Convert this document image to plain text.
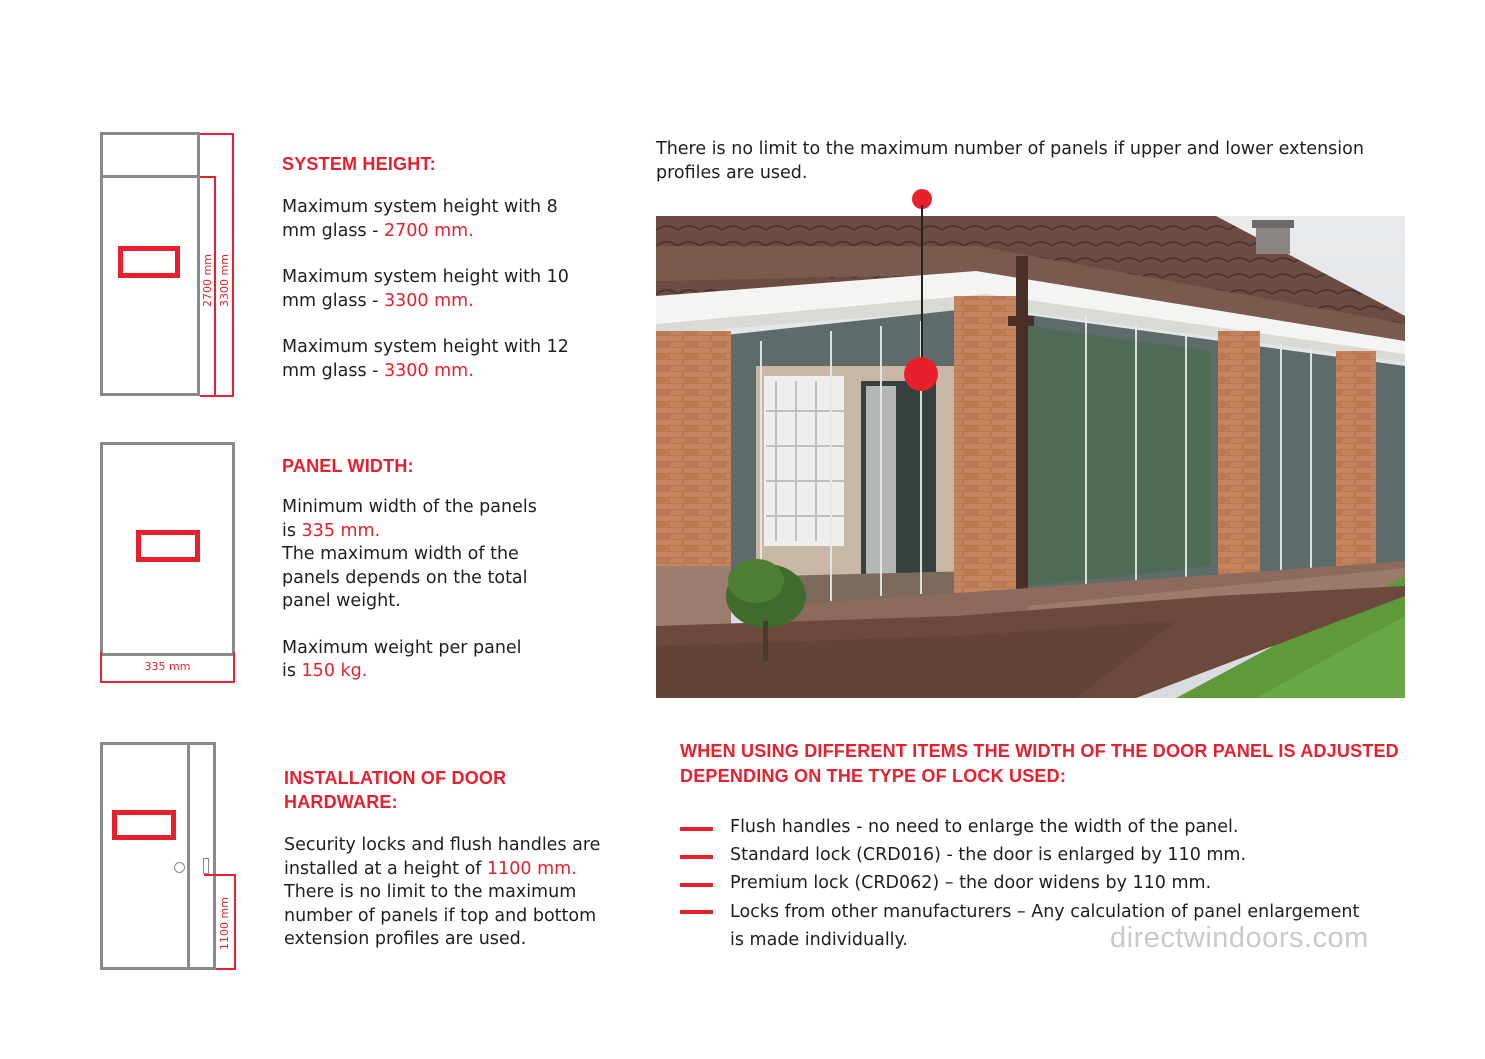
2700 mm 3300 mm
SYSTEM HEIGHT:

Maximum system height with 8 mm glass - 2700 mm.

Maximum system height with 10 mm glass - 3300 mm.

Maximum system height with 12 mm glass - 3300 mm.

335 mm
PANEL WIDTH:

Minimum width of the panels

is 335 mm.

The maximum width of the panels depends on the total panel weight.

Maximum weight per panel

is 150 kg.

1100 mm
INSTALLATION OF DOOR HARDWARE:

Security locks and flush handles are installed at a height of 1100 mm.

There is no limit to the maximum number of panels if top and bottom extension profiles are used.

There is no limit to the maximum number of panels if upper and lower extension profiles are used.
WHEN USING DIFFERENT ITEMS THE WIDTH OF THE DOOR PANEL IS ADJUSTED DEPENDING ON THE TYPE OF LOCK USED:
Flush handles - no need to enlarge the width of the panel.
Standard lock (CRD016) - the door is enlarged by 110 mm.
Premium lock (CRD062) – the door widens by 110 mm.
Locks from other manufacturers – Any calculation of panel enlargement
is made individually.	directwindoors.com
